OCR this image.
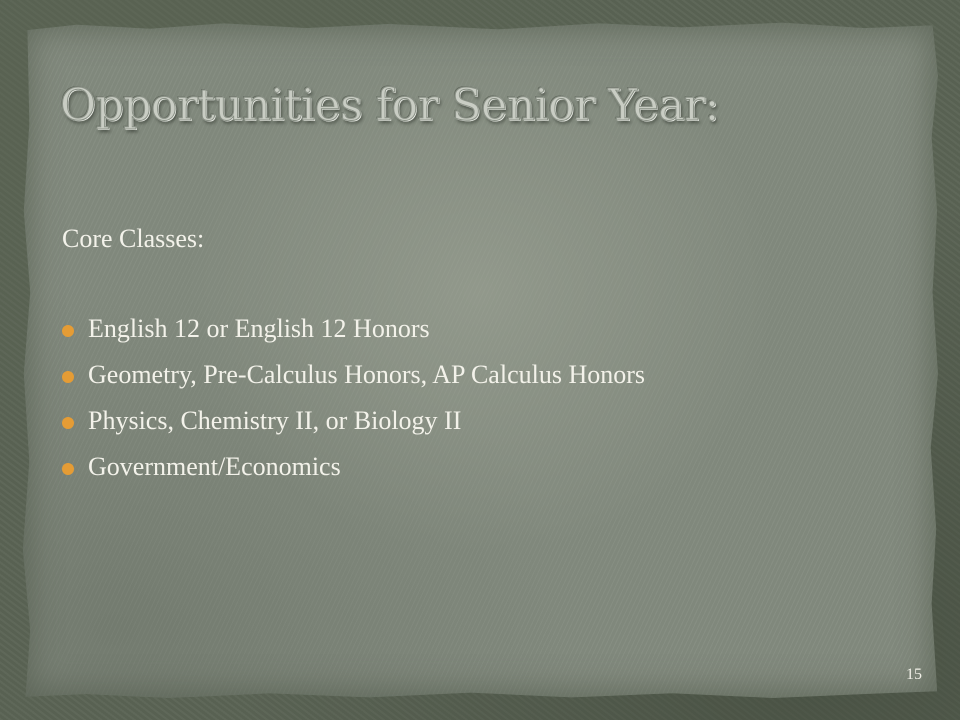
Opportunities for Senior Year:

Core Classes:

English 12 or English 12 Honors
Geometry, Pre-Calculus Honors, AP Calculus Honors
Physics, Chemistry II, or Biology II
Government/Economics
15
